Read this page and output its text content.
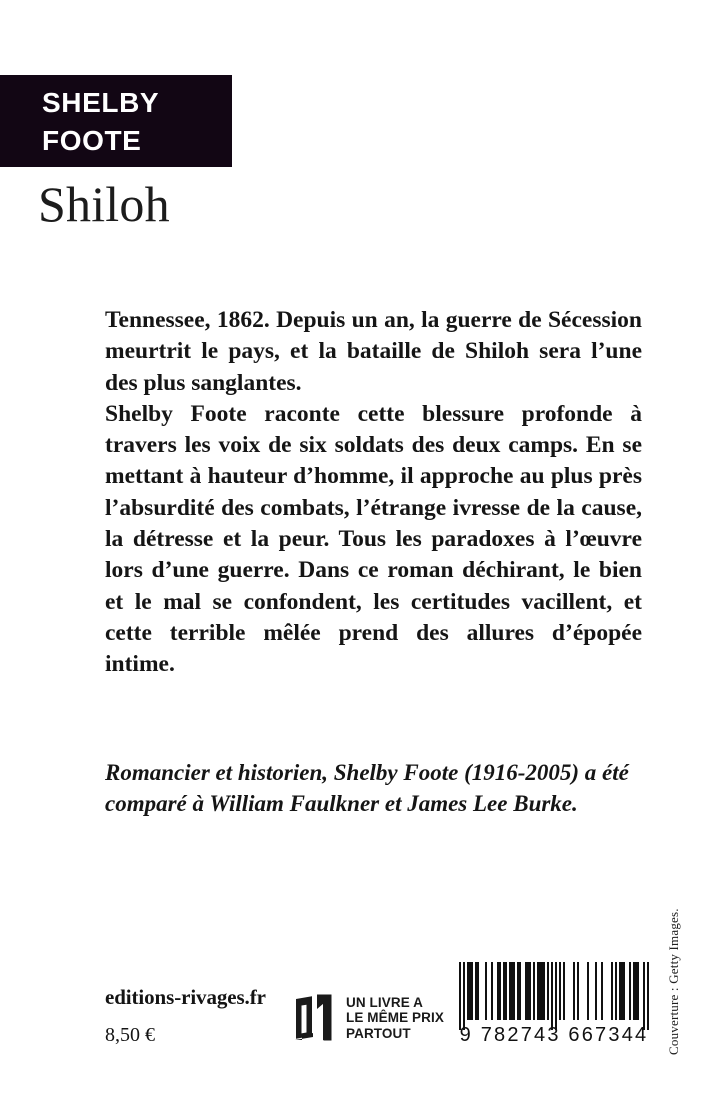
SHELBY
FOOTE
Shiloh

Tennessee, 1862. Depuis un an, la guerre de Sécession meurtrit le pays, et la bataille de Shiloh sera l’une des plus sanglantes.

Shelby Foote raconte cette blessure profonde à travers les voix de six soldats des deux camps. En se mettant à hauteur d’homme, il approche au plus près l’absurdité des combats, l’étrange ivresse de la cause, la détresse et la peur. Tous les paradoxes à l’œuvre lors d’une guerre. Dans ce roman déchirant, le bien et le mal se confondent, les certitudes vacillent, et cette terrible mêlée prend des allures d’épopée intime.

Romancier et historien, Shelby Foote (1916-2005) a été comparé à William Faulkner et James Lee Burke.
editions-rivages.fr
8,50 €
UN LIVRE A
LE MÊME PRIX
PARTOUT	9 782743 667344 Couverture : Getty Images.
